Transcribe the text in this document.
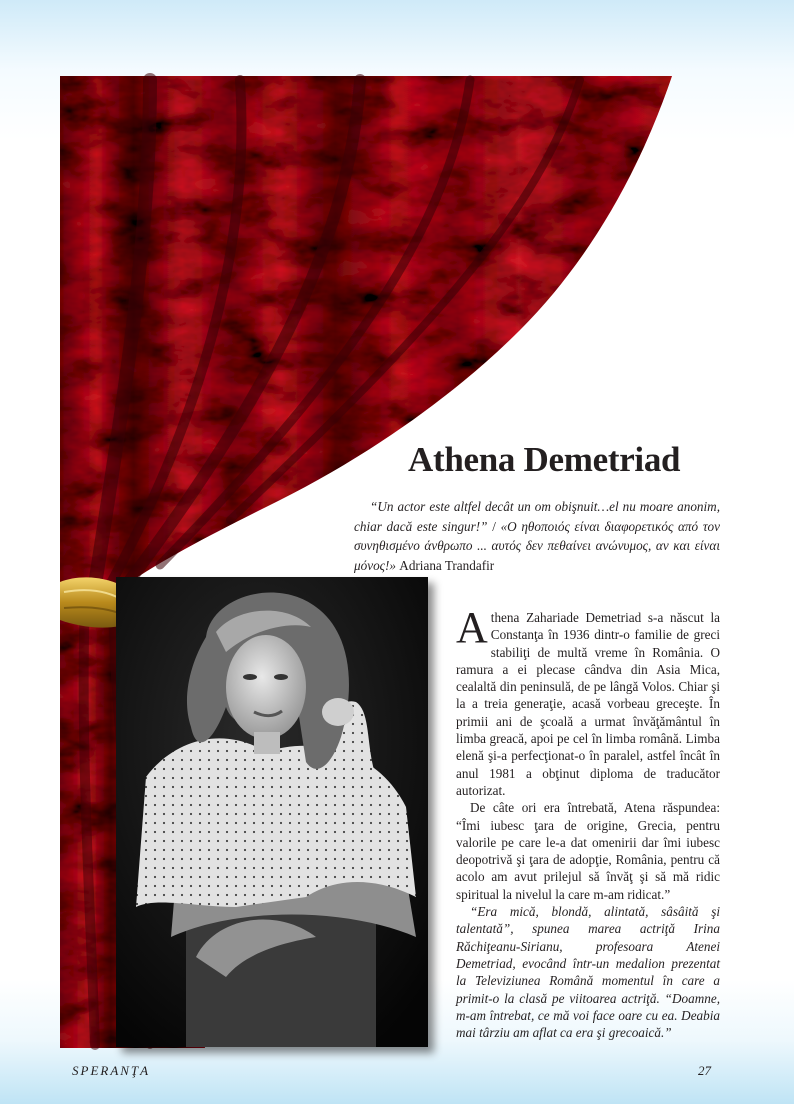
Athena Demetriad

“Un actor este altfel decât un om obişnuit…el nu moare anonim, chiar dacă este singur!” / «Ο ηθοποιός είναι διαφορετικός από τον συνηθισμένο άνθρωπο ... αυτός δεν πεθαίνει ανώνυμος, αν και είναι μόνος!» Adriana Trandafir

Athena Zahariade Demetriad s-a născut la Constanţa în 1936 dintr-o familie de greci stabiliţi de multă vreme în România. O ramura a ei plecase cândva din Asia Mica, cealaltă din peninsulă, de pe lângă Volos. Chiar şi la a treia generaţie, acasă vorbeau greceşte. În primii ani de şcoală a urmat învăţământul în limba greacă, apoi pe cel în limba română. Limba elenă şi-a perfecţionat-o în paralel, astfel încât în anul 1981 a obţinut diploma de traducător autorizat.

De câte ori era întrebată, Atena răspundea: “Îmi iubesc ţara de origine, Grecia, pentru valorile pe care le-a dat omenirii dar îmi iubesc deopotrivă şi ţara de adopţie, România, pentru că acolo am avut prilejul să învăţ şi să mă ridic spiritual la nivelul la care m-am ridicat.”

“Era mică, blondă, alintată, sâsâită şi talentată”, spunea marea actriţă Irina Răchiţeanu-Sirianu, profesoara Atenei Demetriad, evocând într-un medalion prezentat la Televiziunea Română momentul în care a primit-o la clasă pe viitoarea actriţă. “Doamne, m-am întrebat, ce mă voi face oare cu ea. Deabia mai târziu am aflat ca era şi grecoaică.”

SPERANŢA	27
